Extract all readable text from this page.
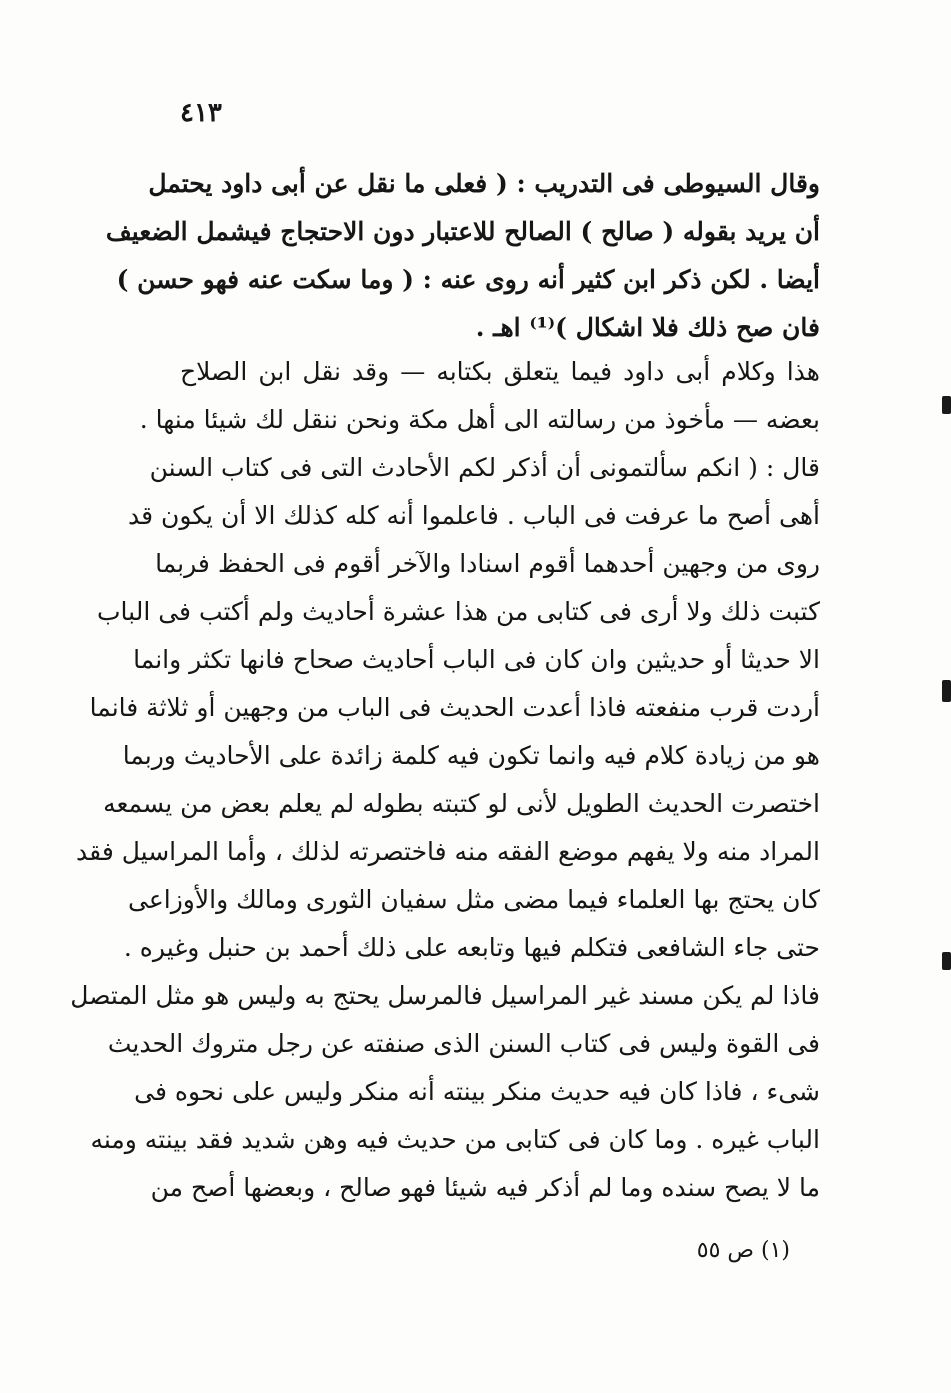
٤١٣
وقال السيوطى فى التدريب : ( فعلى ما نقل عن أبى داود يحتمل
أن يريد بقوله ( صالح ) الصالح للاعتبار دون الاحتجاج فيشمل الضعيف
أيضا . لكن ذكر ابن كثير أنه روى عنه : ( وما سكت عنه فهو حسن )
فان صح ذلك فلا اشكال )⁽¹⁾ اهـ .
هذا وكلام أبى داود فيما يتعلق بكتابه — وقد نقل ابن الصلاح
بعضه — مأخوذ من رسالته الى أهل مكة ونحن ننقل لك شيئا منها .
قال : ( انكم سألتمونى أن أذكر لكم الأحادث التى فى كتاب السنن
أهى أصح ما عرفت فى الباب . فاعلموا أنه كله كذلك الا أن يكون قد
روى من وجهين أحدهما أقوم اسنادا والآخر أقوم فى الحفظ فربما
كتبت ذلك ولا أرى فى كتابى من هذا عشرة أحاديث ولم أكتب فى الباب
الا حديثا أو حديثين وان كان فى الباب أحاديث صحاح فانها تكثر وانما
أردت قرب منفعته فاذا أعدت الحديث فى الباب من وجهين أو ثلاثة فانما
هو من زيادة كلام فيه وانما تكون فيه كلمة زائدة على الأحاديث وربما
اختصرت الحديث الطويل لأنى لو كتبته بطوله لم يعلم بعض من يسمعه
المراد منه ولا يفهم موضع الفقه منه فاختصرته لذلك ، وأما المراسيل فقد
كان يحتج بها العلماء فيما مضى مثل سفيان الثورى ومالك والأوزاعى
حتى جاء الشافعى فتكلم فيها وتابعه على ذلك أحمد بن حنبل وغيره .
فاذا لم يكن مسند غير المراسيل فالمرسل يحتج به وليس هو مثل المتصل
فى القوة وليس فى كتاب السنن الذى صنفته عن رجل متروك الحديث
شىء ، فاذا كان فيه حديث منكر بينته أنه منكر وليس على نحوه فى
الباب غيره . وما كان فى كتابى من حديث فيه وهن شديد فقد بينته ومنه
ما لا يصح سنده وما لم أذكر فيه شيئا فهو صالح ، وبعضها أصح من
(١) ص ٥٥
